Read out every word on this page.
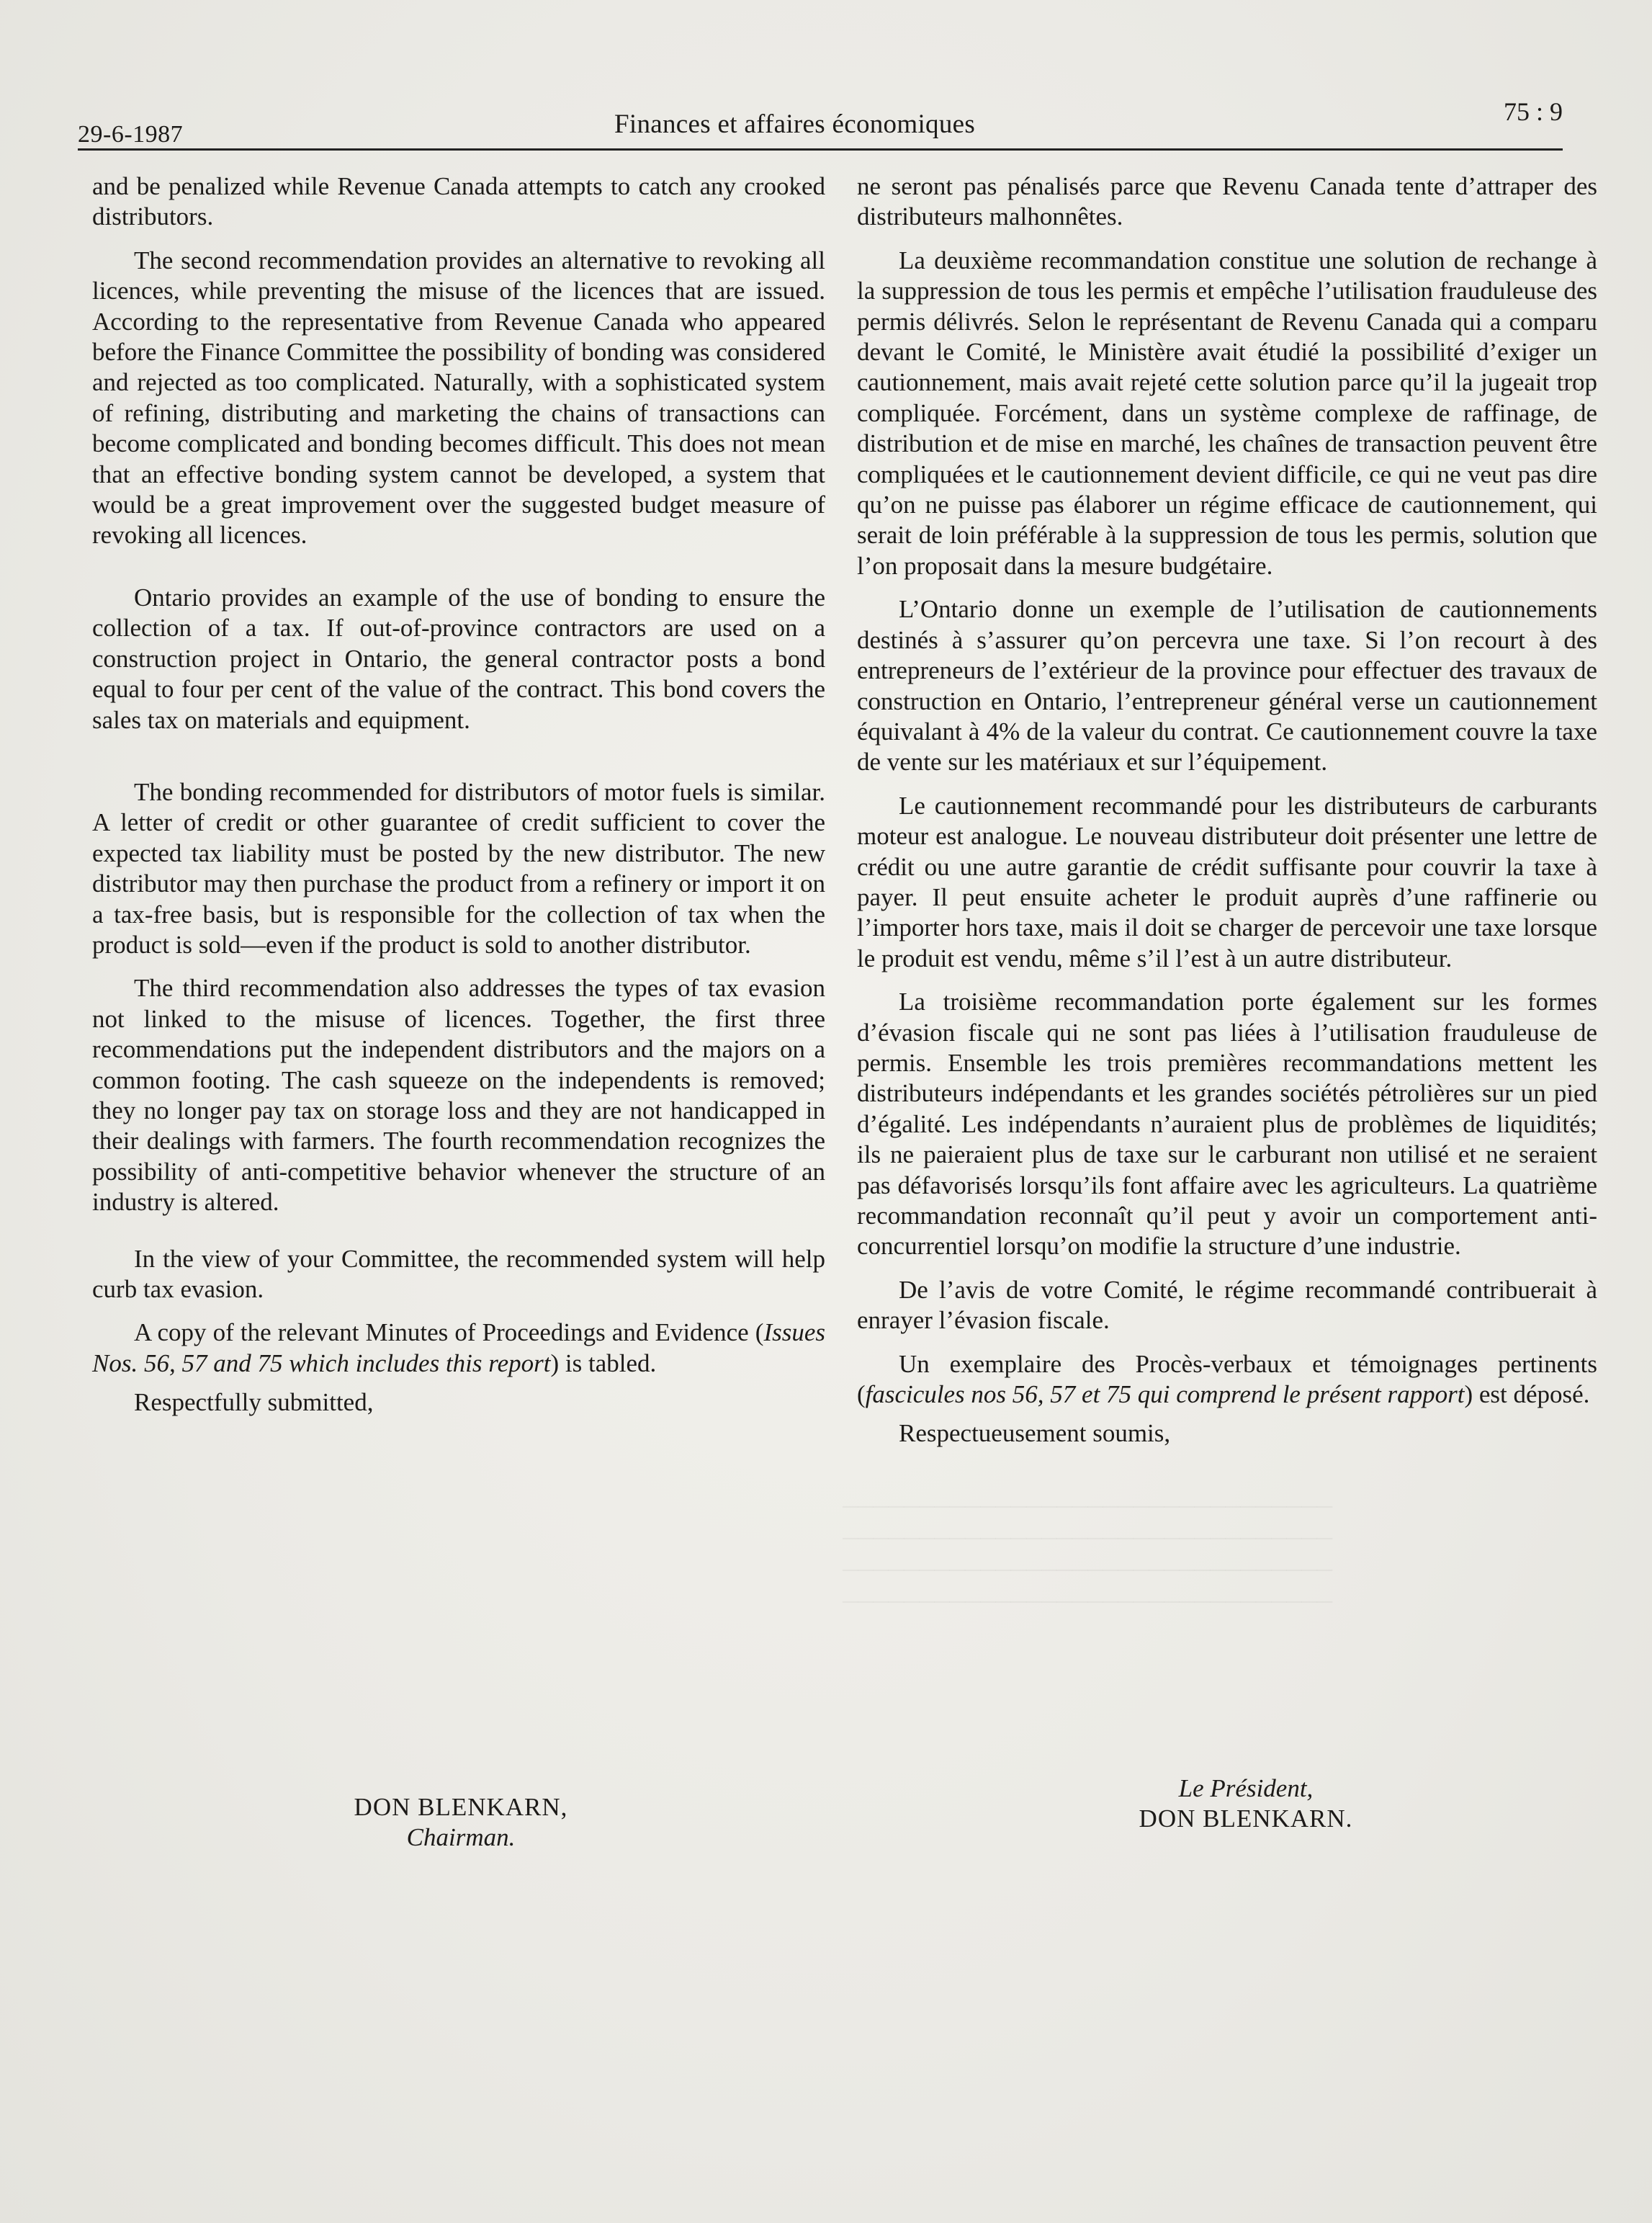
────────────────────────────────
────────────────────────────────
────────────────────────────────
────────────────────────────────
29-6-1987	Finances et affaires économiques	75 : 9

and be penalized while Revenue Canada attempts to catch any crooked distributors.

The second recommendation provides an alternative to revoking all licences, while preventing the misuse of the licences that are issued. According to the representative from Revenue Canada who appeared before the Finance Committee the possibility of bonding was considered and rejected as too complicated. Naturally, with a sophisticated system of refining, distributing and marketing the chains of transactions can become complicated and bonding becomes difficult. This does not mean that an effective bonding system cannot be developed, a system that would be a great improvement over the suggested budget measure of revoking all licences.

Ontario provides an example of the use of bonding to ensure the collection of a tax. If out-of-province contractors are used on a construction project in Ontario, the general contractor posts a bond equal to four per cent of the value of the contract. This bond covers the sales tax on materials and equipment.

The bonding recommended for distributors of motor fuels is similar. A letter of credit or other guarantee of credit sufficient to cover the expected tax liability must be posted by the new distributor. The new distributor may then purchase the product from a refinery or import it on a tax-free basis, but is responsible for the collection of tax when the product is sold—even if the product is sold to another distributor.

The third recommendation also addresses the types of tax evasion not linked to the misuse of licences. Together, the first three recommendations put the independent distributors and the majors on a common footing. The cash squeeze on the independents is removed; they no longer pay tax on storage loss and they are not handicapped in their dealings with farmers. The fourth recommendation recognizes the possibility of anti-competitive behavior whenever the structure of an industry is altered.

In the view of your Committee, the recommended system will help curb tax evasion.

A copy of the relevant Minutes of Proceedings and Evidence (Issues Nos. 56, 57 and 75 which includes this report) is tabled.

Respectfully submitted,

DON BLENKARN,
Chairman.

ne seront pas pénalisés parce que Revenu Canada tente d’attraper des distributeurs malhonnêtes.

La deuxième recommandation constitue une solution de rechange à la suppression de tous les permis et empêche l’utilisation frauduleuse des permis délivrés. Selon le représentant de Revenu Canada qui a comparu devant le Comité, le Ministère avait étudié la possibilité d’exiger un cautionnement, mais avait rejeté cette solution parce qu’il la jugeait trop compliquée. Forcément, dans un système complexe de raffinage, de distribution et de mise en marché, les chaînes de transaction peuvent être compliquées et le cautionnement devient difficile, ce qui ne veut pas dire qu’on ne puisse pas élaborer un régime efficace de cautionnement, qui serait de loin préférable à la suppression de tous les permis, solution que l’on proposait dans la mesure budgétaire.

L’Ontario donne un exemple de l’utilisation de cautionnements destinés à s’assurer qu’on percevra une taxe. Si l’on recourt à des entrepreneurs de l’extérieur de la province pour effectuer des travaux de construction en Ontario, l’entrepreneur général verse un cautionnement équivalant à 4% de la valeur du contrat. Ce cautionnement couvre la taxe de vente sur les matériaux et sur l’équipement.

Le cautionnement recommandé pour les distributeurs de carburants moteur est analogue. Le nouveau distributeur doit présenter une lettre de crédit ou une autre garantie de crédit suffisante pour couvrir la taxe à payer. Il peut ensuite acheter le produit auprès d’une raffinerie ou l’importer hors taxe, mais il doit se charger de percevoir une taxe lorsque le produit est vendu, même s’il l’est à un autre distributeur.

La troisième recommandation porte également sur les formes d’évasion fiscale qui ne sont pas liées à l’utilisation frauduleuse de permis. Ensemble les trois premières recommandations mettent les distributeurs indépendants et les grandes sociétés pétrolières sur un pied d’égalité. Les indépendants n’auraient plus de problèmes de liquidités; ils ne paieraient plus de taxe sur le carburant non utilisé et ne seraient pas défavorisés lorsqu’ils font affaire avec les agriculteurs. La quatrième recommandation reconnaît qu’il peut y avoir un comportement anti-concurrentiel lorsqu’on modifie la structure d’une industrie.

De l’avis de votre Comité, le régime recommandé contribuerait à enrayer l’évasion fiscale.

Un exemplaire des Procès-verbaux et témoignages pertinents (fascicules nos 56, 57 et 75 qui comprend le présent rapport) est déposé.

Respectueusement soumis,

Le Président,
DON BLENKARN.
